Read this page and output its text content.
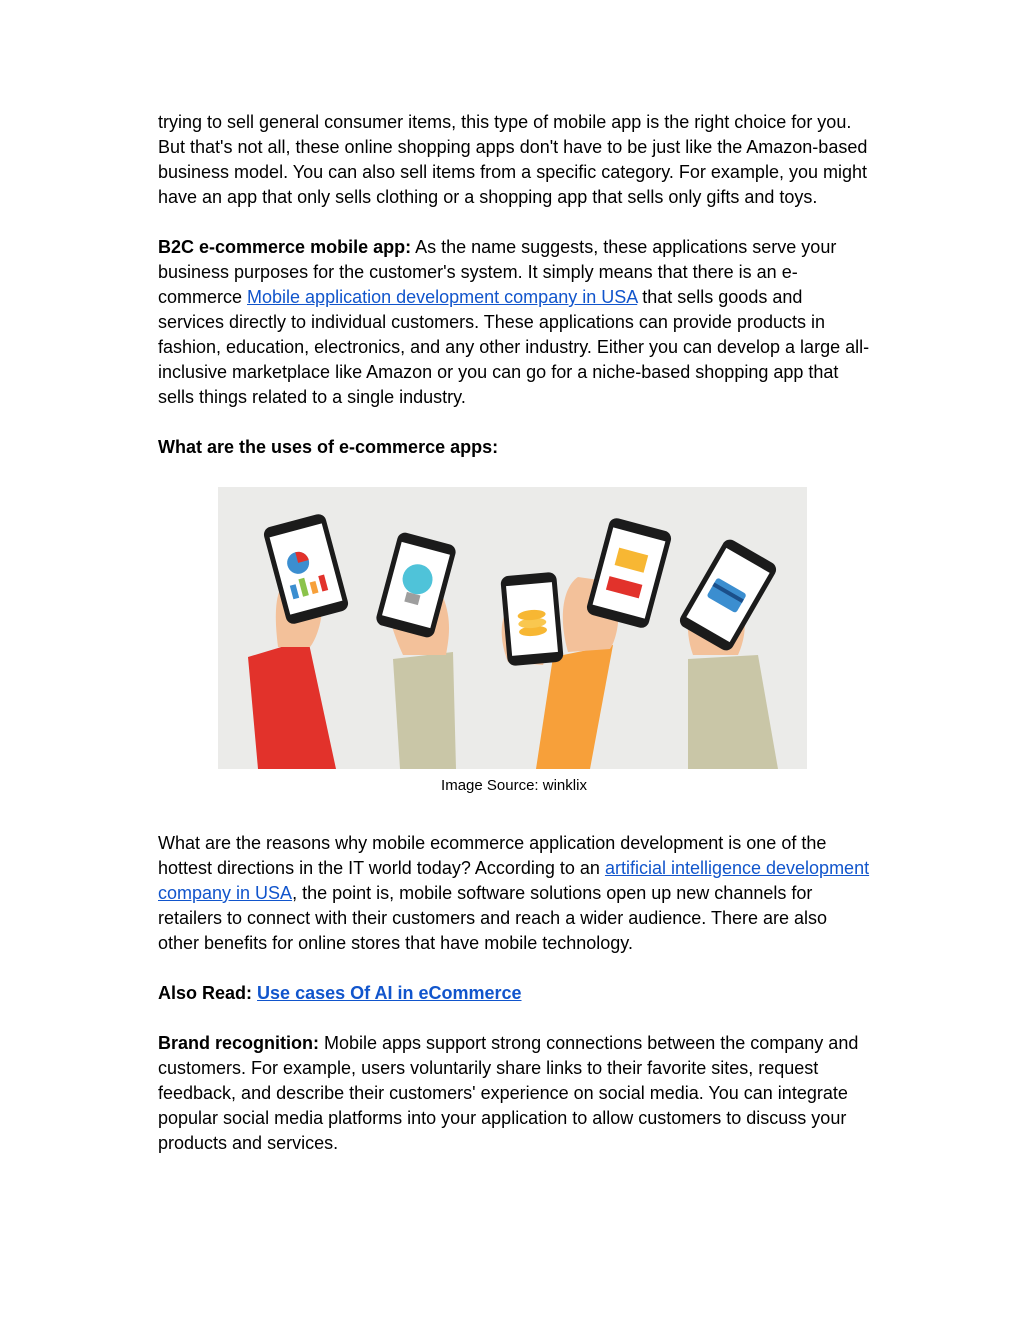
trying to sell general consumer items, this type of mobile app is the right choice for you. But that's not all, these online shopping apps don't have to be just like the Amazon-based business model. You can also sell items from a specific category. For example, you might have an app that only sells clothing or a shopping app that sells only gifts and toys.

B2C e-commerce mobile app: As the name suggests, these applications serve your business purposes for the customer's system. It simply means that there is an e-commerce Mobile application development company in USA that sells goods and services directly to individual customers. These applications can provide products in fashion, education, electronics, and any other industry. Either you can develop a large all-inclusive marketplace like Amazon or you can go for a niche-based shopping app that sells things related to a single industry.

What are the uses of e-commerce apps:

Image Source: winklix

What are the reasons why mobile ecommerce application development is one of the hottest directions in the IT world today? According to an artificial intelligence development company in USA, the point is, mobile software solutions open up new channels for retailers to connect with their customers and reach a wider audience. There are also other benefits for online stores that have mobile technology.

Also Read: Use cases Of AI in eCommerce

Brand recognition: Mobile apps support strong connections between the company and customers. For example, users voluntarily share links to their favorite sites, request feedback, and describe their customers' experience on social media. You can integrate popular social media platforms into your application to allow customers to discuss your products and services.
